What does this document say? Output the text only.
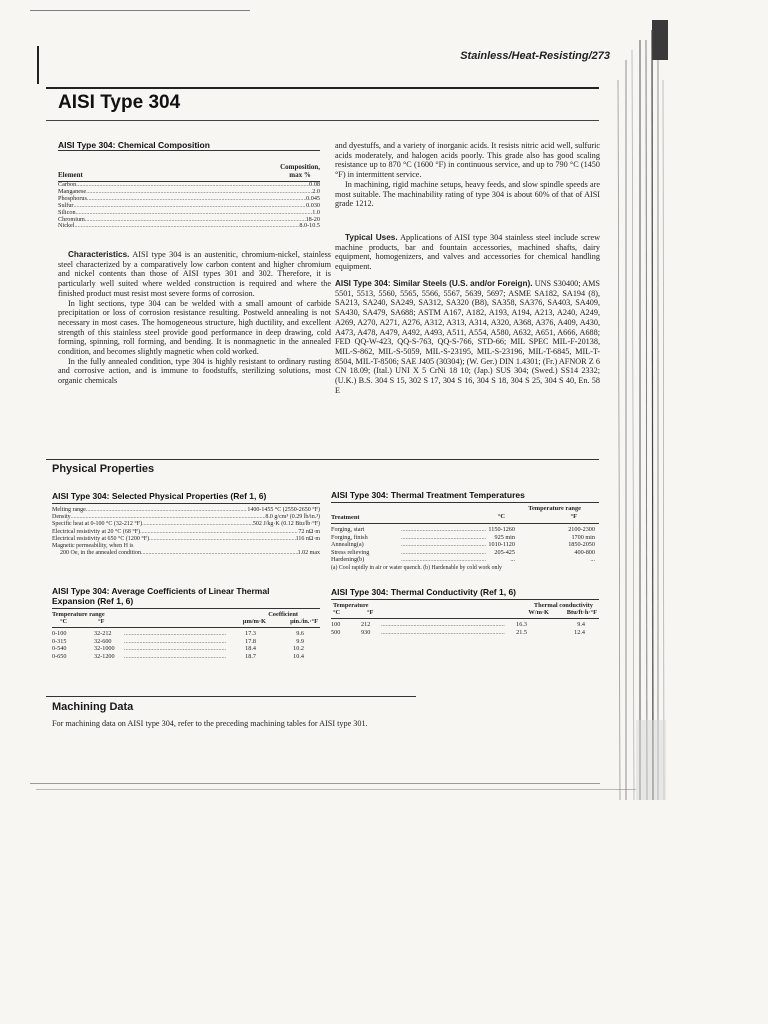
Stainless/Heat-Resisting/273
AISI Type 304

AISI Type 304: Chemical Composition

Element
Composition,
max %
Carbon .....	0.08
Manganese .....	2.0
Phosphorus .....	0.045
Sulfur .....	0.030
Silicon .....	1.0
Chromium .....	18-20
Nickel .....	8.0-10.5

Characteristics. AISI type 304 is an austenitic, chromium-nickel, stainless steel characterized by a comparatively low carbon content and higher chromium and nickel contents than those of AISI types 301 and 302. Therefore, it is particularly well suited where welded construction is required and where the finished product must resist most severe forms of corrosion.
In light sections, type 304 can be welded with a small amount of carbide precipitation or loss of corrosion resistance resulting. Postweld annealing is not necessary in most cases. The homogeneous structure, high ductility, and excellent strength of this stainless steel provide good performance in deep drawing, cold forming, spinning, roll forming, and bending. It is nonmagnetic in the annealed condition, and becomes slightly magnetic when cold worked.
In the fully annealed condition, type 304 is highly resistant to ordinary rusting and corrosive action, and is immune to foodstuffs, sterilizing solutions, most organic chemicals

and dyestuffs, and a variety of inorganic acids. It resists nitric acid well, sulfuric acids moderately, and halogen acids poorly. This grade also has good scaling resistance up to 870 °C (1600 °F) in continuous service, and up to 790 °C (1450 °F) in intermittent service.
In machining, rigid machine setups, heavy feeds, and slow spindle speeds are most suitable. The machinability rating of type 304 is about 60% of that of AISI grade 1212.

Typical Uses. Applications of AISI type 304 stainless steel include screw machine products, bar and fountain accessories, machined shafts, dairy equipment, homogenizers, and valves and accessories for chemical handling equipment.

AISI Type 304: Similar Steels (U.S. and/or Foreign). UNS S30400; AMS 5501, 5513, 5560, 5565, 5566, 5567, 5639, 5697; ASME SA182, SA194 (8), SA213, SA240, SA249, SA312, SA320 (B8), SA358, SA376, SA403, SA409, SA430, SA479, SA688; ASTM A167, A182, A193, A194, A213, A240, A249, A269, A270, A271, A276, A312, A313, A314, A320, A368, A376, A409, A430, A473, A478, A479, A492, A493, A511, A554, A580, A632, A651, A666, A688; FED QQ-W-423, QQ-S-763, QQ-S-766, STD-66; MIL SPEC MIL-F-20138, MIL-S-862, MIL-S-5059, MIL-S-23195, MIL-S-23196, MIL-T-6845, MIL-T-8504, MIL-T-8506; SAE J405 (30304); (W. Ger.) DIN 1.4301; (Fr.) AFNOR Z 6 CN 18.09; (Ital.) UNI X 5 CrNi 18 10; (Jap.) SUS 304; (Swed.) SS14 2332; (U.K.) B.S. 304 S 15, 302 S 17, 304 S 16, 304 S 18, 304 S 25, 304 S 40, En. 58 E

Physical Properties

AISI Type 304: Selected Physical Properties (Ref 1, 6)

Melting range .....	1400-1455 °C (2550-2650 °F)
Density .....	8.0 g/cm³ (0.29 lb/in.³)
Specific heat at 0-100 °C (32-212 °F) .....	502 J/kg·K (0.12 Btu/lb·°F)
Electrical resistivity at 20 °C (68 °F) .....	72 nΩ·m
Electrical resistivity at 650 °C (1200 °F) .....	116 nΩ·m
Magnetic permeability, when H is
200 Oe, in the annealed condition .....	1.02 max

AISI Type 304: Average Coefficients of Linear Thermal

Expansion (Ref 1, 6)

Temperature range
°C	°F
Coefficient
µm/m·K	µin./in.·°F
0-100	32-212 ..................................................................	17.3	9.6
0-315	32-600 ..................................................................	17.8	9.9
0-540	32-1000 ..................................................................	18.4	10.2
0-650	32-1200 ..................................................................	18.7	10.4

AISI Type 304: Thermal Treatment Temperatures

Treatment
Temperature range
°C	°F
Forging, start	....................................................... 1150-1260	2100-2300
Forging, finish	....................................................... 925 min	1700 min
Annealing(a)	....................................................... 1010-1120	1850-2050
Stress relieving	....................................................... 205-425	400-800
Hardening(b)	.......................................................	...	...
(a) Cool rapidly in air or water quench. (b) Hardenable by cold work only

AISI Type 304: Thermal Conductivity (Ref 1, 6)

Temperature
°C	°F
Thermal conductivity
W/m·K	Btu/ft·h·°F
100	212 ................................................................................	16.3	9.4
500	930 ................................................................................	21.5	12.4
Machining Data

For machining data on AISI type 304, refer to the preceding machining tables for AISI type 301.
